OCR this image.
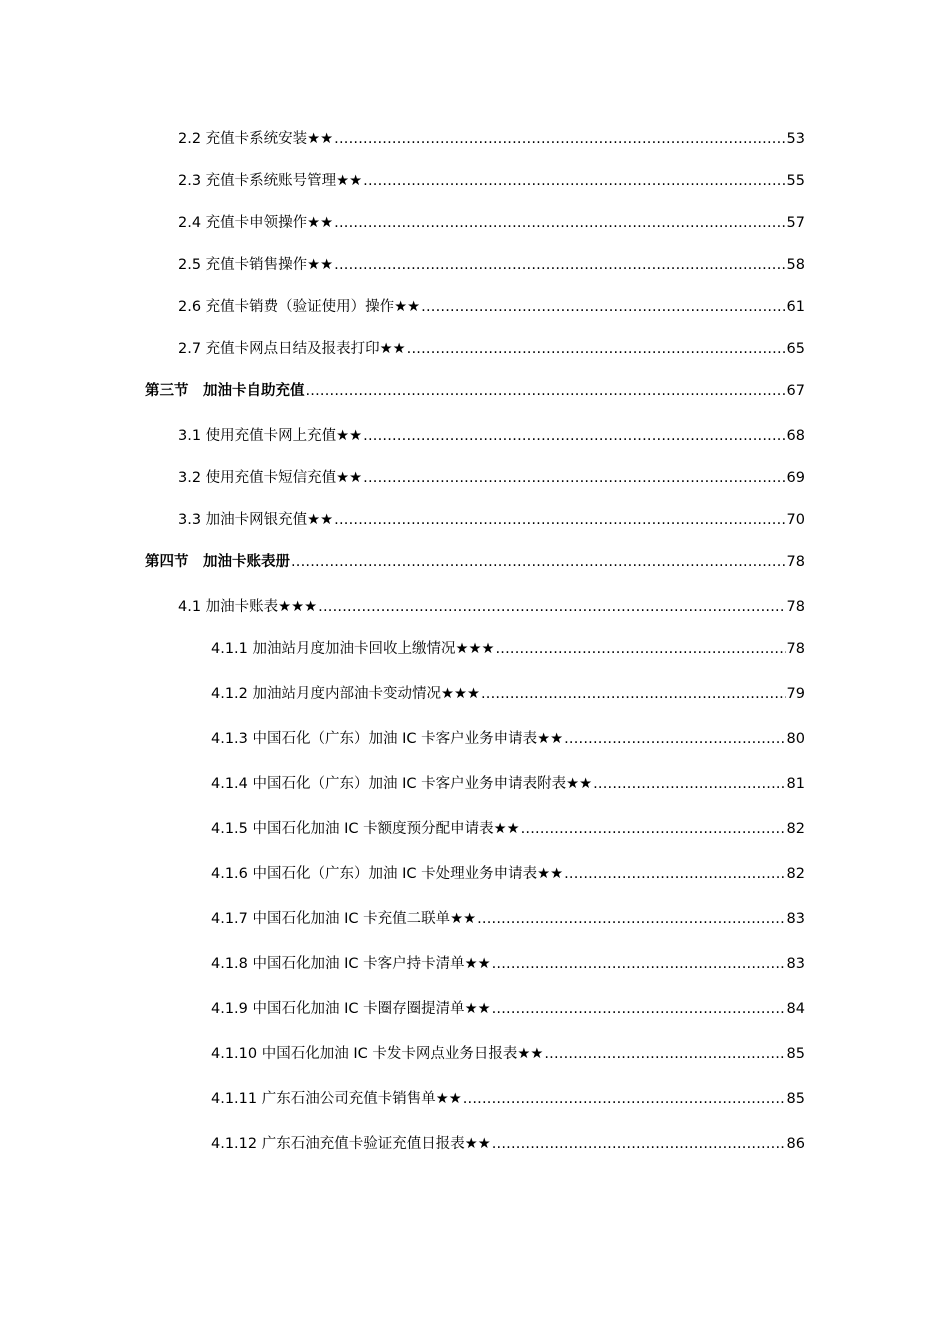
2.2 充值卡系统安装★★ .....	53
2.3 充值卡系统账号管理★★ .....	55
2.4 充值卡申领操作★★ .....	57
2.5 充值卡销售操作★★ .....	58
2.6 充值卡销费（验证使用）操作★★ .....	61
2.7 充值卡网点日结及报表打印★★ .....	65
第三节　加油卡自助充值 .....	67
3.1 使用充值卡网上充值★★ .....	68
3.2 使用充值卡短信充值★★ .....	69
3.3 加油卡网银充值★★ .....	70
第四节　加油卡账表册 .....	78
4.1 加油卡账表★★★ .....	78
4.1.1 加油站月度加油卡回收上缴情况★★★ .....	78
4.1.2 加油站月度内部油卡变动情况★★★ .....	79
4.1.3 中国石化（广东）加油 IC 卡客户业务申请表★★ .....	80
4.1.4 中国石化（广东）加油 IC 卡客户业务申请表附表★★ .....	81
4.1.5 中国石化加油 IC 卡额度预分配申请表★★ .....	82
4.1.6 中国石化（广东）加油 IC 卡处理业务申请表★★ .....	82
4.1.7 中国石化加油 IC 卡充值二联单★★ .....	83
4.1.8 中国石化加油 IC 卡客户持卡清单★★ .....	83
4.1.9 中国石化加油 IC 卡圈存圈提清单★★ .....	84
4.1.10 中国石化加油 IC 卡发卡网点业务日报表★★ .....	85
4.1.11 广东石油公司充值卡销售单★★ .....	85
4.1.12 广东石油充值卡验证充值日报表★★ .....	86
